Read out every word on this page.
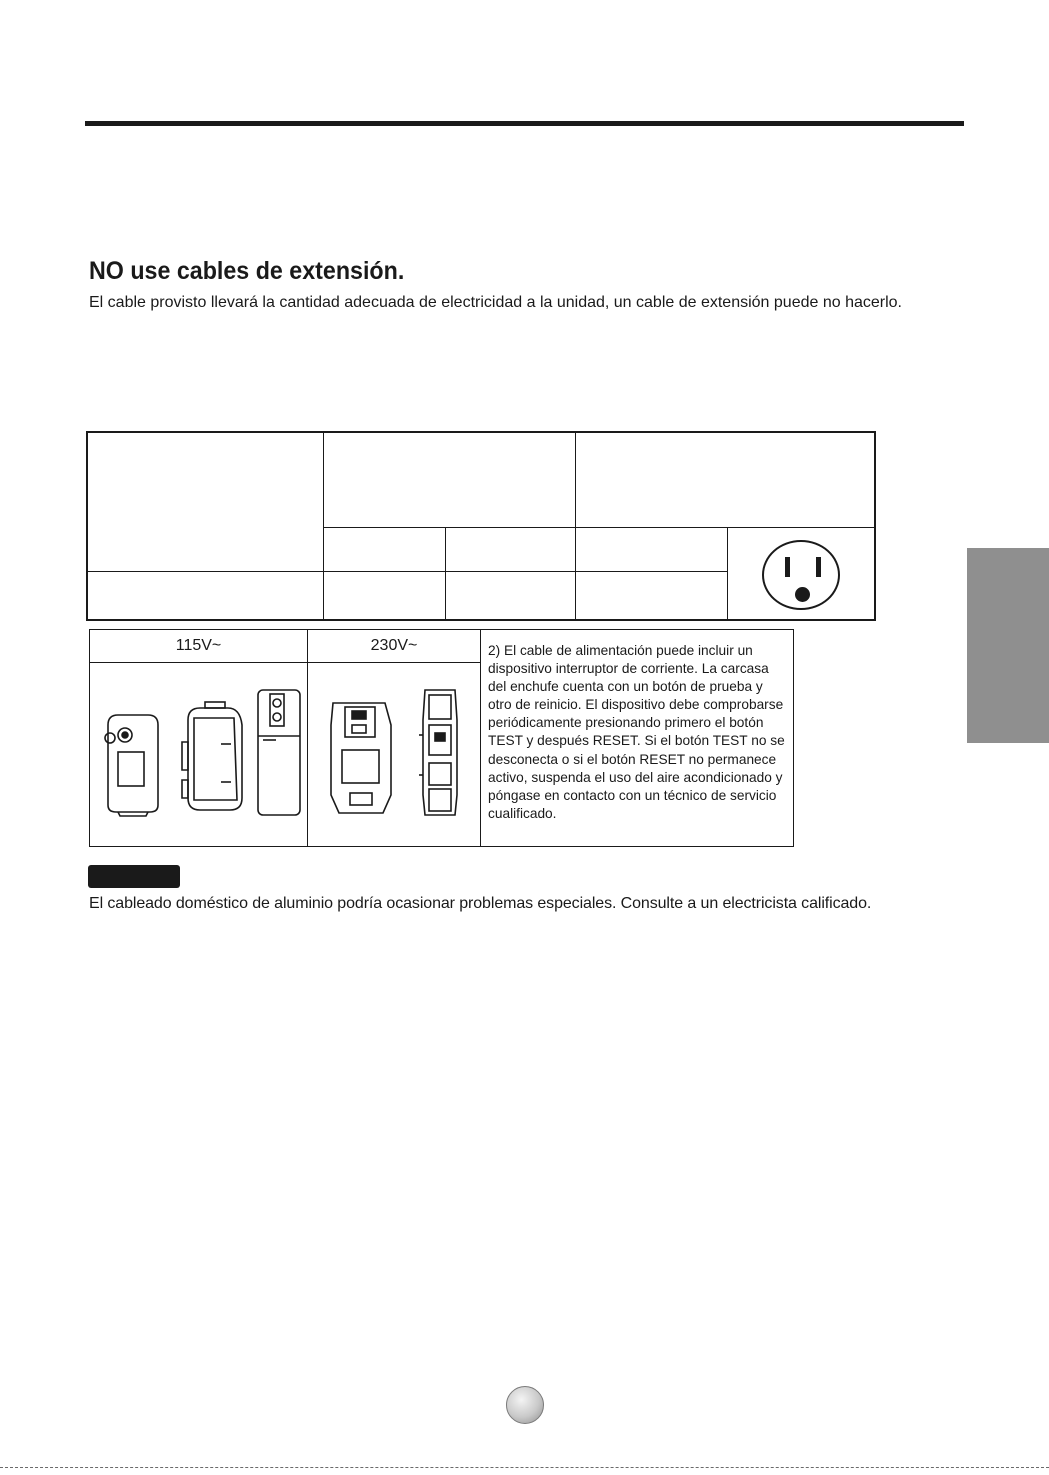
NO use cables de extensión.

El cable provisto llevará la cantidad adecuada de electricidad a la unidad, un cable de extensión puede no hacerlo.

115V~	230V~	2) El cable de alimentación puede incluir un dispositivo interruptor de corriente. La carcasa del enchufe cuenta con un botón de prueba y otro de reinicio. El dispositivo debe comprobarse periódicamente presionando primero el botón TEST y después RESET. Si el botón TEST no se desconecta o si el botón RESET no permanece activo, suspenda el uso del aire acondicionado y póngase en contacto con un técnico de servicio cualificado.

El cableado doméstico de aluminio podría ocasionar problemas especiales. Consulte a un electricista calificado.
